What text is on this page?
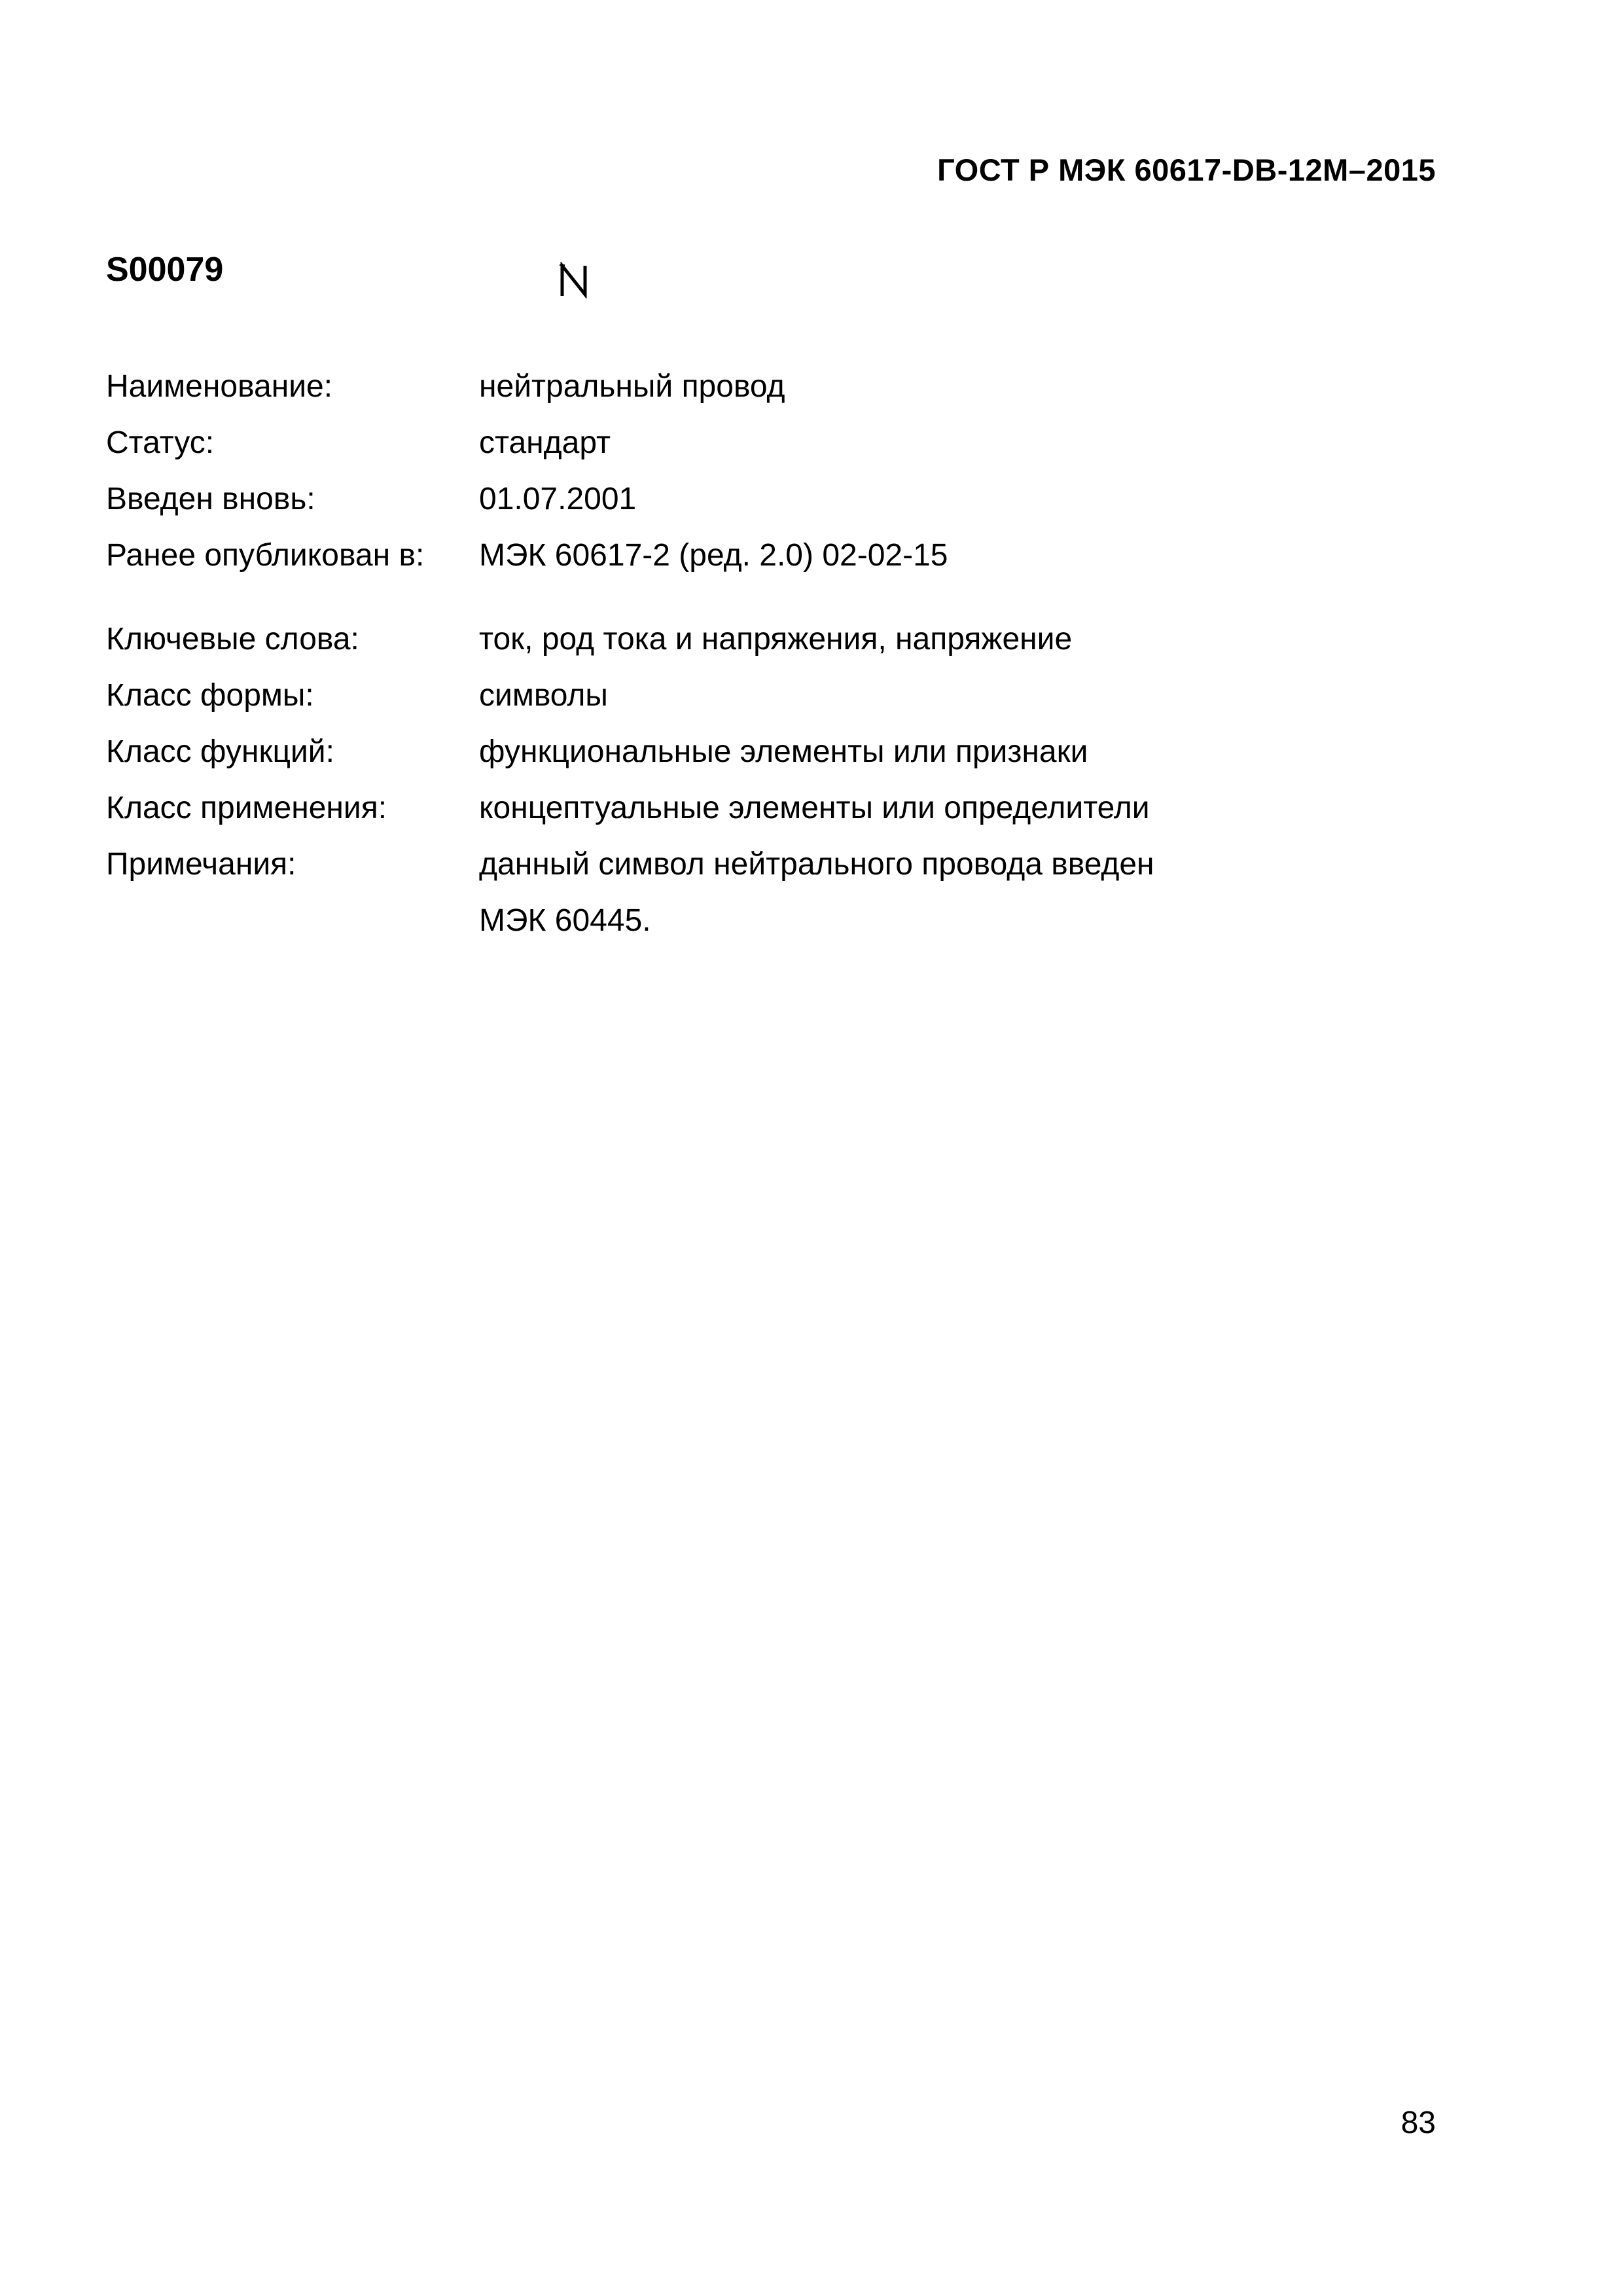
ГОСТ Р МЭК 60617-DB-12M–2015
S00079
Наименование:	нейтральный провод
Статус:	стандарт
Введен вновь:	01.07.2001
Ранее опубликован в:	МЭК 60617-2 (ред. 2.0) 02-02-15
Ключевые слова:	ток, род тока и напряжения, напряжение
Класс формы:	символы
Класс функций:	функциональные элементы или признаки
Класс применения:	концептуальные элементы или определители
Примечания:	данный символ нейтрального провода введен
МЭК 60445.
83
